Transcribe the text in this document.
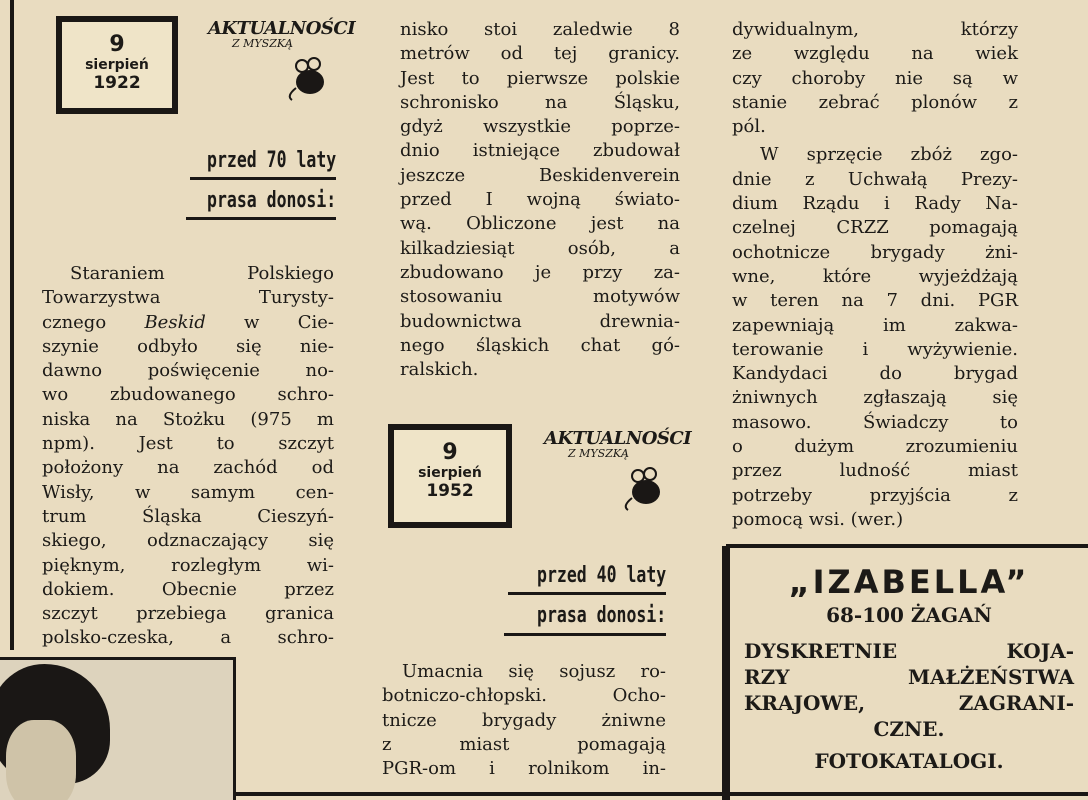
9
sierpień
1922
AKTUALNOŚCI
Z MYSZKĄ
przed 70 laty
prasa donosi:
Staraniem Polskiego
Towarzystwa Turysty-
cznego Beskid w Cie-
szynie odbyło się nie-
dawno poświęcenie no-
wo zbudowanego schro-
niska na Stożku (975 m
npm). Jest to szczyt
położony na zachód od
Wisły, w samym cen-
trum Śląska Cieszyń-
skiego, odznaczający się
pięknym, rozległym wi-
dokiem. Obecnie przez
szczyt przebiega granica
polsko-czeska, a schro-
nisko stoi zaledwie 8
metrów od tej granicy.
Jest to pierwsze polskie
schronisko na Śląsku,
gdyż wszystkie poprze-
dnio istniejące zbudował
jeszcze Beskidenverein
przed I wojną świato-
wą. Obliczone jest na
kilkadziesiąt osób, a
zbudowano je przy za-
stosowaniu motywów
budownictwa drewnia-
nego śląskich chat gó-
ralskich.
9
sierpień
1952
AKTUALNOŚCI
Z MYSZKĄ
przed 40 laty
prasa donosi:
Umacnia się sojusz ro-
botniczo-chłopski. Ocho-
tnicze brygady żniwne
z miast pomagają
PGR-om i rolnikom in-
dywidualnym, którzy
ze względu na wiek
czy choroby nie są w
stanie zebrać plonów z
pól.
W sprzęcie zbóż zgo-
dnie z Uchwałą Prezy-
dium Rządu i Rady Na-
czelnej CRZZ pomagają
ochotnicze brygady żni-
wne, które wyjeżdżają
w teren na 7 dni. PGR
zapewniają im zakwa-
terowanie i wyżywienie.
Kandydaci do brygad
żniwnych zgłaszają się
masowo. Świadczy to
o dużym zrozumieniu
przez ludność miast
potrzeby przyjścia z
pomocą wsi. (wer.)
„IZABELLA”
68-100 ŻAGAŃ
DYSKRETNIE KOJA-
RZY MAŁŻEŃSTWA
KRAJOWE, ZAGRANI-
CZNE.
FOTOKATALOGI.
